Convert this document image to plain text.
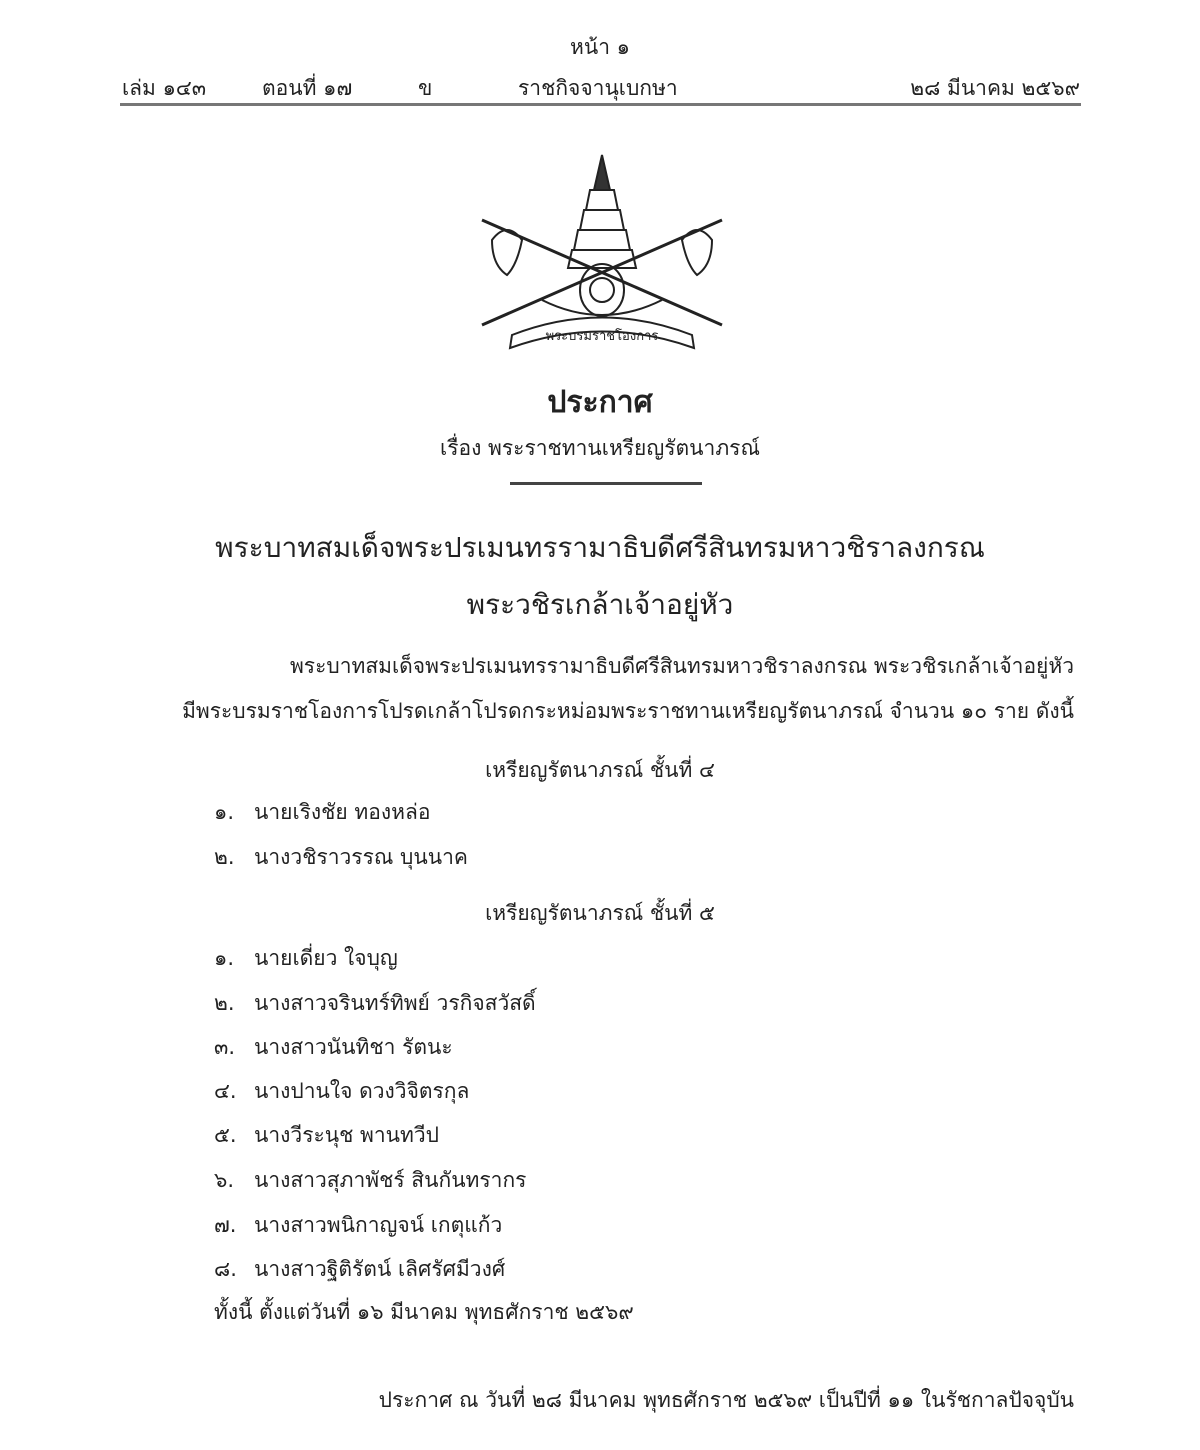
หน้า ๑
เล่ม ๑๔๓	ตอนที่ ๑๗	ข	ราชกิจจานุเบกษา	๒๘ มีนาคม ๒๕๖๙
พระบรมราชโองการ
ประกาศ
เรื่อง พระราชทานเหรียญรัตนาภรณ์
พระบาทสมเด็จพระปรเมนทรรามาธิบดีศรีสินทรมหาวชิราลงกรณ
พระวชิรเกล้าเจ้าอยู่หัว
พระบาทสมเด็จพระปรเมนทรรามาธิบดีศรีสินทรมหาวชิราลงกรณ พระวชิรเกล้าเจ้าอยู่หัว
มีพระบรมราชโองการโปรดเกล้าโปรดกระหม่อมพระราชทานเหรียญรัตนาภรณ์ จำนวน ๑๐ ราย ดังนี้
เหรียญรัตนาภรณ์ ชั้นที่ ๔
๑. นายเริงชัย ทองหล่อ
๒. นางวชิราวรรณ บุนนาค
เหรียญรัตนาภรณ์ ชั้นที่ ๕
๑. นายเดี่ยว ใจบุญ
๒. นางสาวจรินทร์ทิพย์ วรกิจสวัสดิ์
๓. นางสาวนันทิชา รัตนะ
๔. นางปานใจ ดวงวิจิตรกุล
๕. นางวีระนุช พานทวีป
๖. นางสาวสุภาพัชร์ สินกันทรากร
๗. นางสาวพนิกาญจน์ เกตุแก้ว
๘. นางสาวฐิติรัตน์ เลิศรัศมีวงศ์
ทั้งนี้ ตั้งแต่วันที่ ๑๖ มีนาคม พุทธศักราช ๒๕๖๙
ประกาศ ณ วันที่ ๒๘ มีนาคม พุทธศักราช ๒๕๖๙ เป็นปีที่ ๑๑ ในรัชกาลปัจจุบัน
